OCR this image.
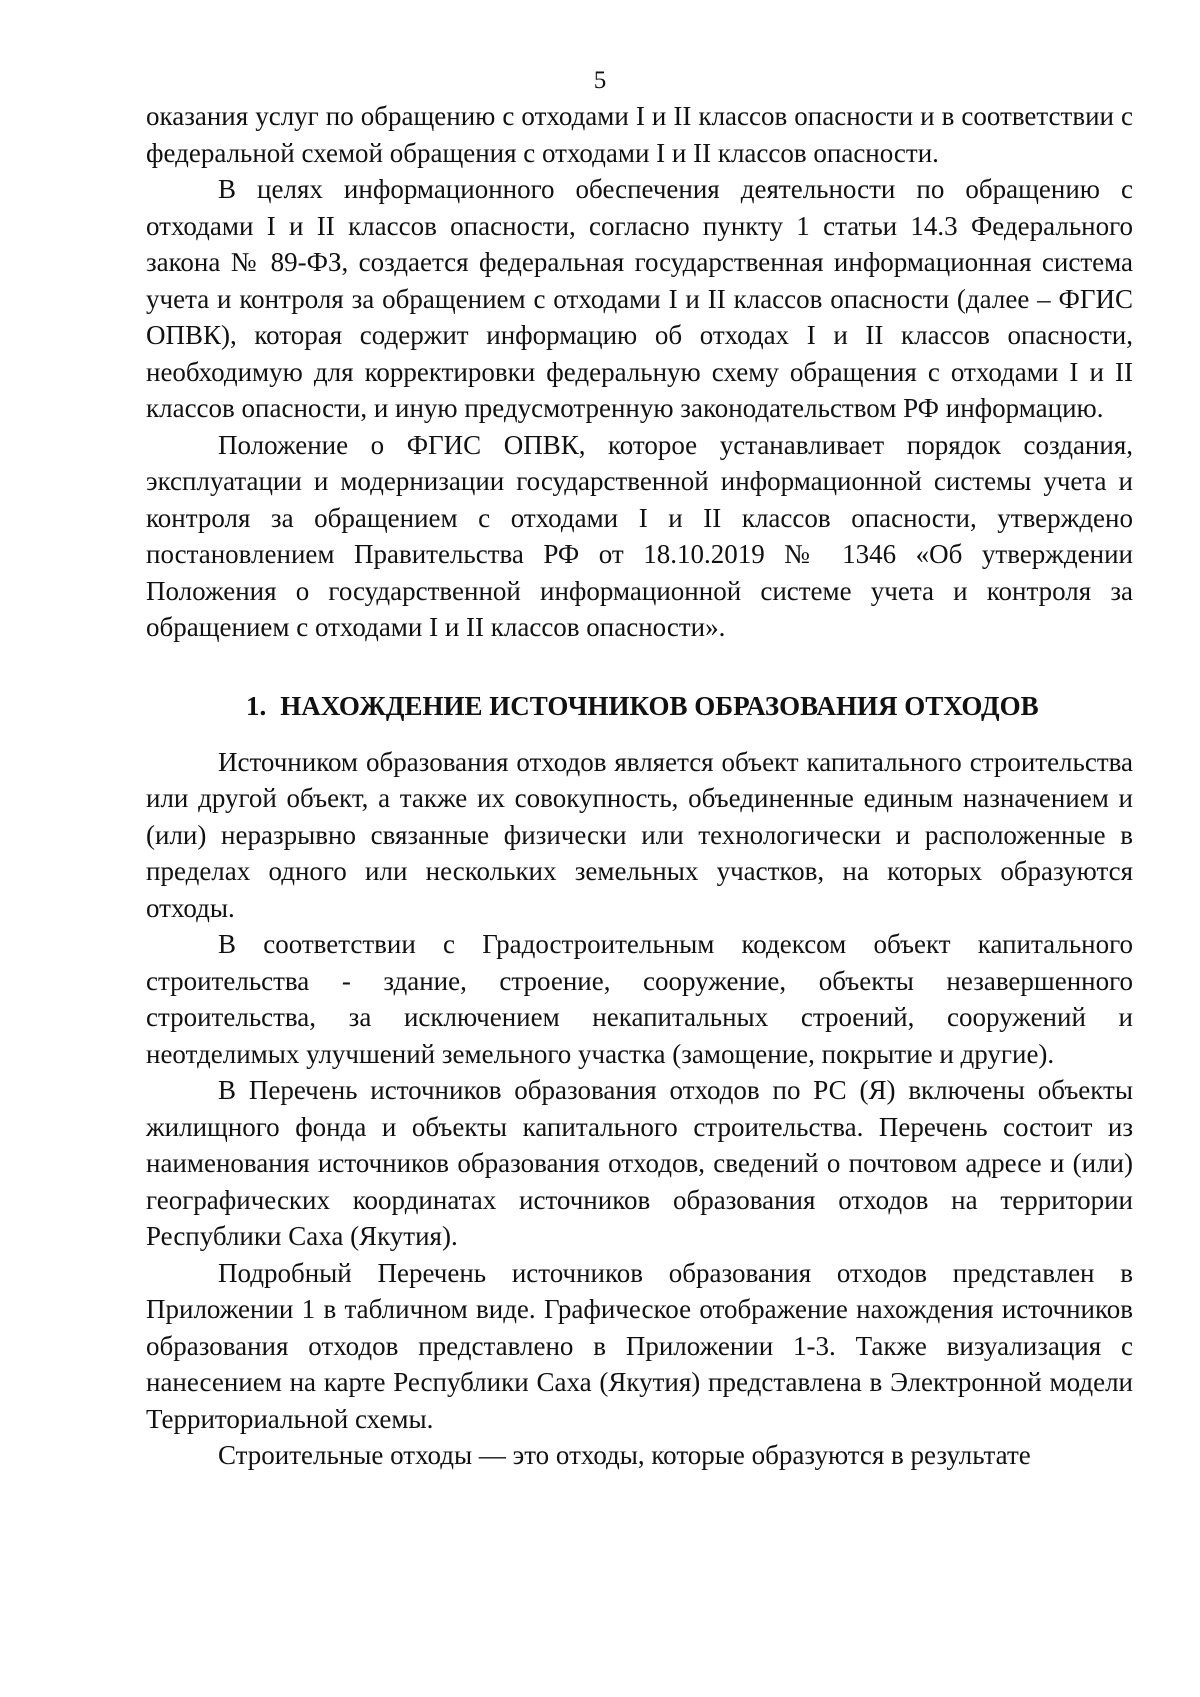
5

оказания услуг по обращению с отходами I и II классов опасности и в соответствии с федеральной схемой обращения с отходами I и II классов опасности.

В целях информационного обеспечения деятельности по обращению с отходами I и II классов опасности, согласно пункту 1 статьи 14.3 Федерального закона № 89-ФЗ, создается федеральная государственная информационная система учета и контроля за обращением с отходами I и II классов опасности (далее – ФГИС ОПВК), которая содержит информацию об отходах I и II классов опасности, необходимую для корректировки федеральную схему обращения с отходами I и II классов опасности, и иную предусмотренную законодательством РФ информацию.

Положение о ФГИС ОПВК, которое устанавливает порядок создания, эксплуатации и модернизации государственной информационной системы учета и контроля за обращением с отходами I и II классов опасности, утверждено постановлением Правительства РФ от 18.10.2019 № 1346 «Об утверждении Положения о государственной информационной системе учета и контроля за обращением с отходами I и II классов опасности».

1. НАХОЖДЕНИЕ ИСТОЧНИКОВ ОБРАЗОВАНИЯ ОТХОДОВ

Источником образования отходов является объект капитального строительства или другой объект, а также их совокупность, объединенные единым назначением и (или) неразрывно связанные физически или технологически и расположенные в пределах одного или нескольких земельных участков, на которых образуются отходы.

В соответствии с Градостроительным кодексом объект капитального строительства - здание, строение, сооружение, объекты незавершенного строительства, за исключением некапитальных строений, сооружений и неотделимых улучшений земельного участка (замощение, покрытие и другие).

В Перечень источников образования отходов по РС (Я) включены объекты жилищного фонда и объекты капитального строительства. Перечень состоит из наименования источников образования отходов, сведений о почтовом адресе и (или) географических координатах источников образования отходов на территории Республики Саха (Якутия).

Подробный Перечень источников образования отходов представлен в Приложении 1 в табличном виде. Графическое отображение нахождения источников образования отходов представлено в Приложении 1-3. Также визуализация с нанесением на карте Республики Саха (Якутия) представлена в Электронной модели Территориальной схемы.

Строительные отходы — это отходы, которые образуются в результате
